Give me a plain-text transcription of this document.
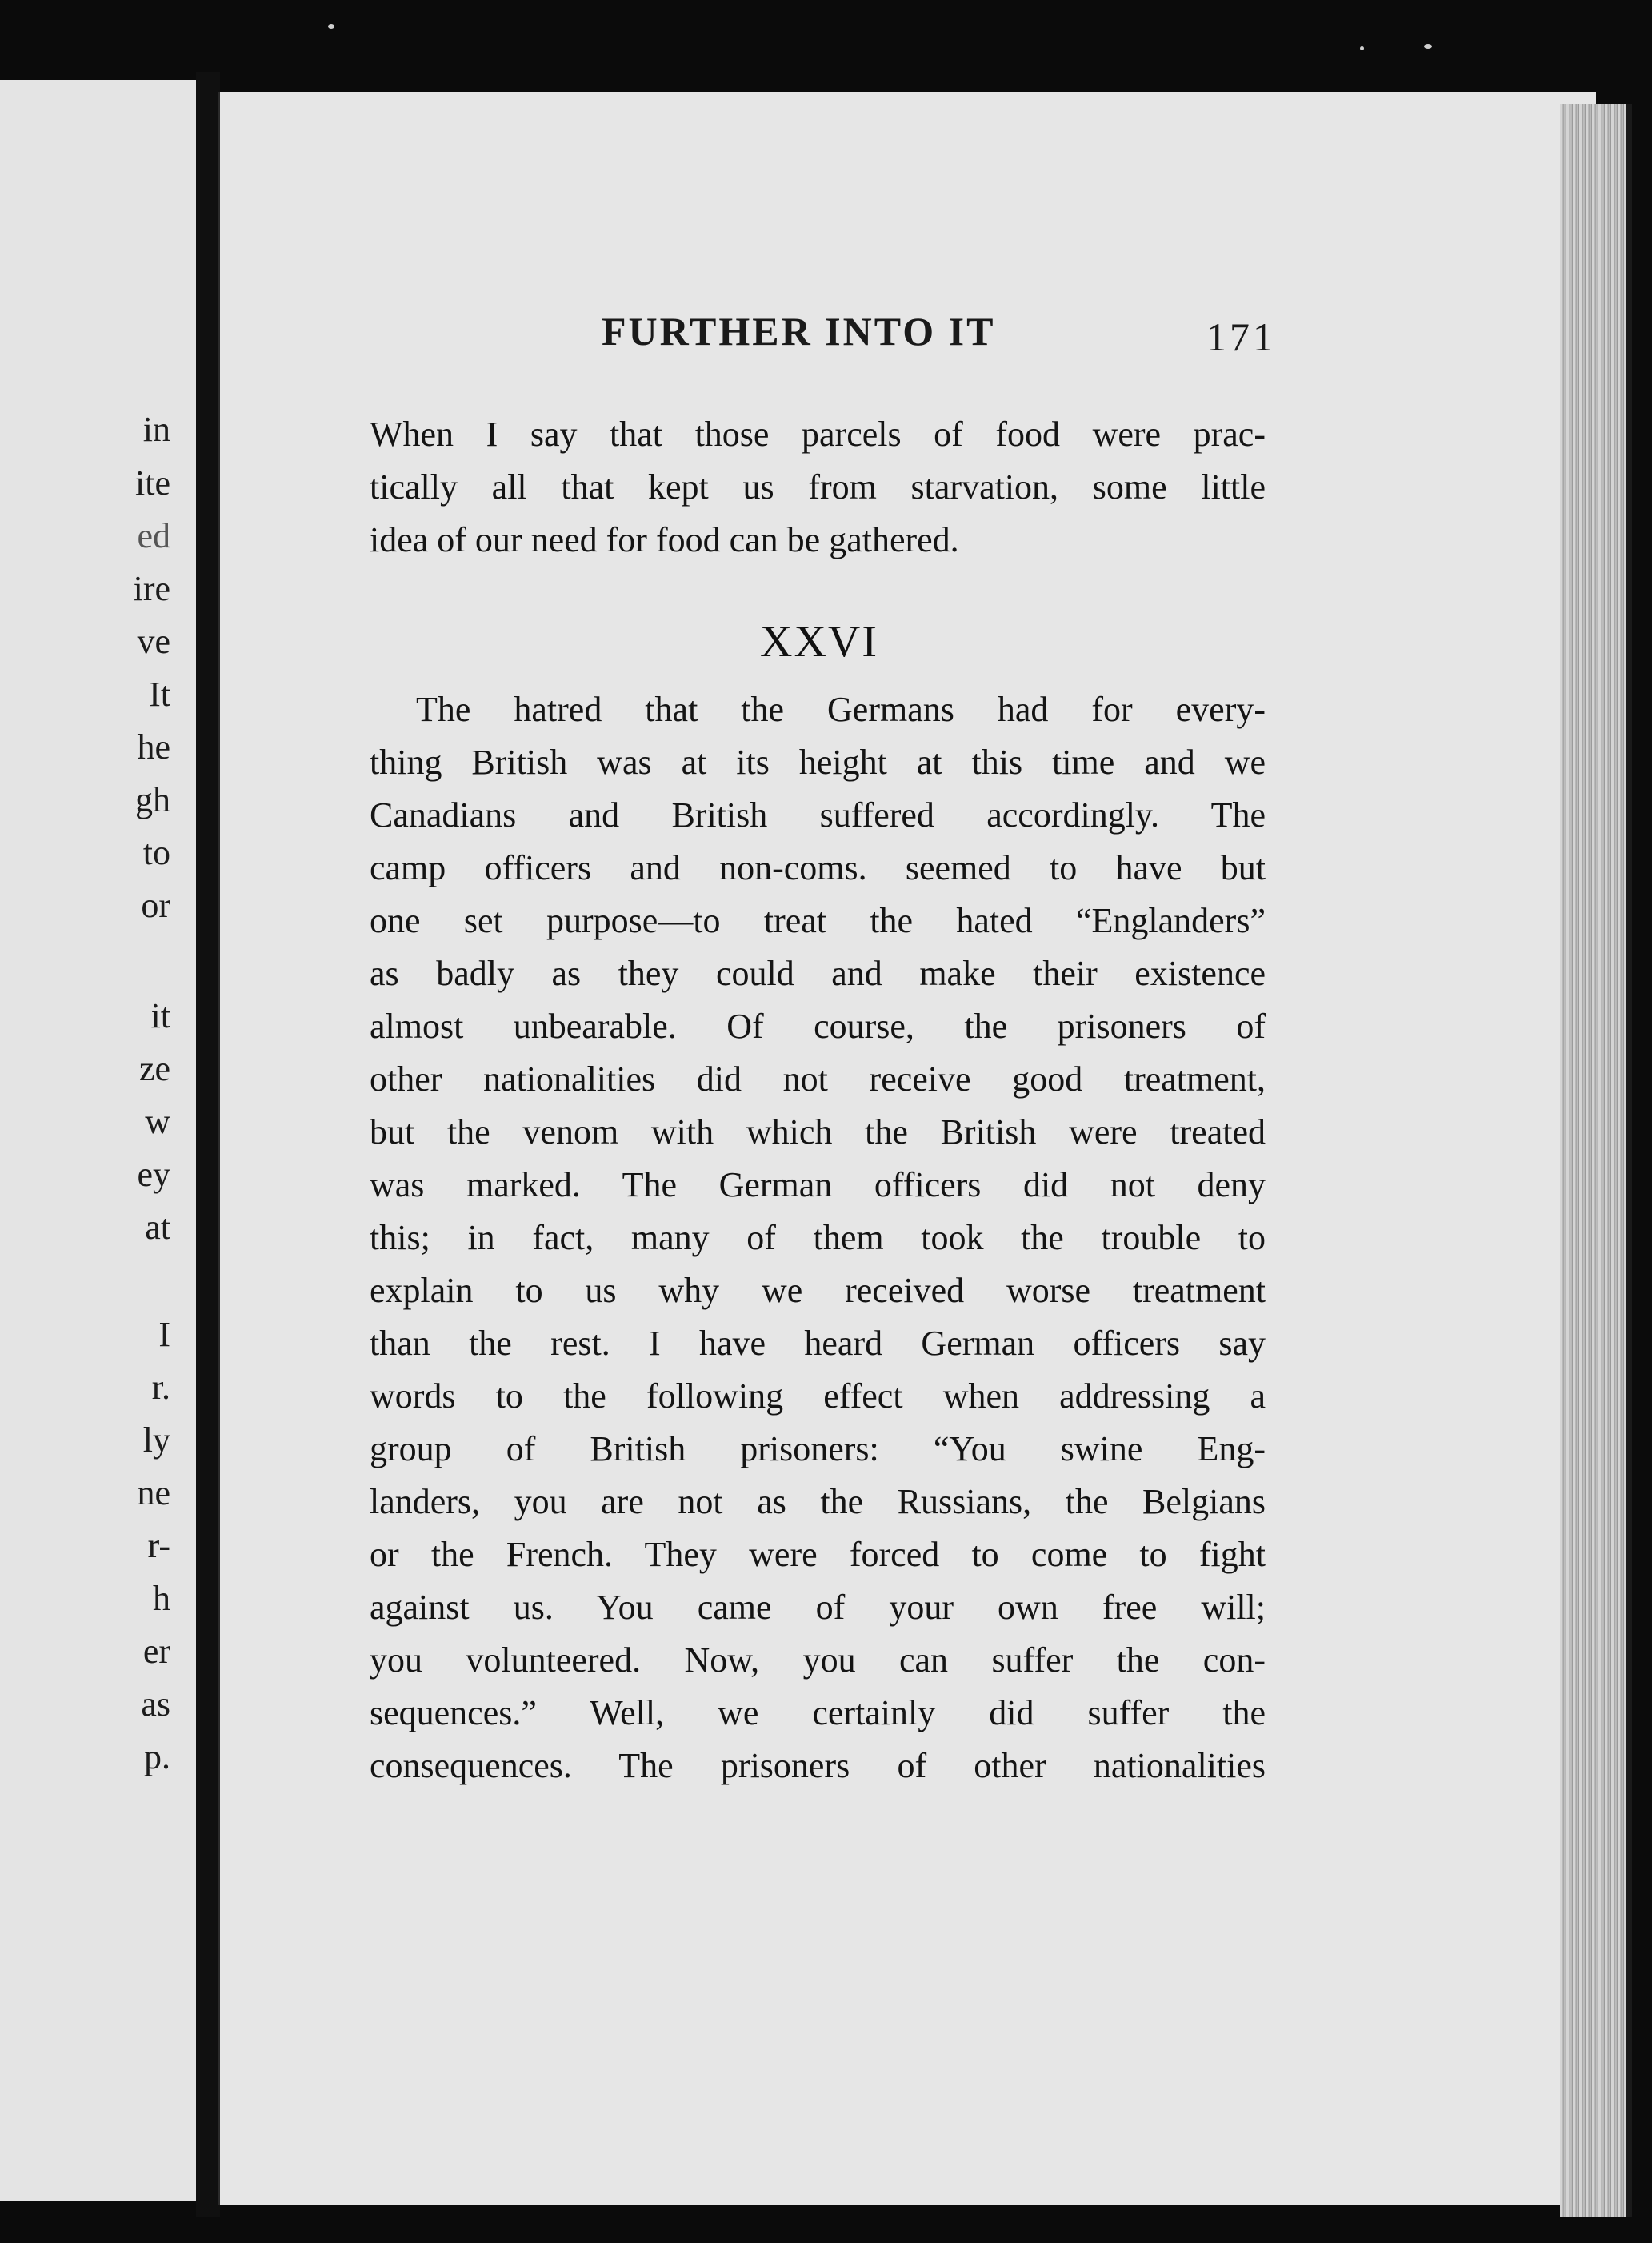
in
ite
ed
ire
ve
It
he
gh
to
or
it
ze
w
ey
at
I
r.
ly
ne
r-
h
er
as
p.
FURTHER INTO IT	171
When I say that those parcels of food were prac-
tically all that kept us from starvation, some little
idea of our need for food can be gathered.
XXVI
The hatred that the Germans had for every-
thing British was at its height at this time and we
Canadians and British suffered accordingly. The
camp officers and non-coms. seemed to have but
one set purpose—to treat the hated “Englanders”
as badly as they could and make their existence
almost unbearable. Of course, the prisoners of
other nationalities did not receive good treatment,
but the venom with which the British were treated
was marked. The German officers did not deny
this; in fact, many of them took the trouble to
explain to us why we received worse treatment
than the rest. I have heard German officers say
words to the following effect when addressing a
group of British prisoners: “You swine Eng-
landers, you are not as the Russians, the Belgians
or the French. They were forced to come to fight
against us. You came of your own free will;
you volunteered. Now, you can suffer the con-
sequences.” Well, we certainly did suffer the
consequences. The prisoners of other nationalities
